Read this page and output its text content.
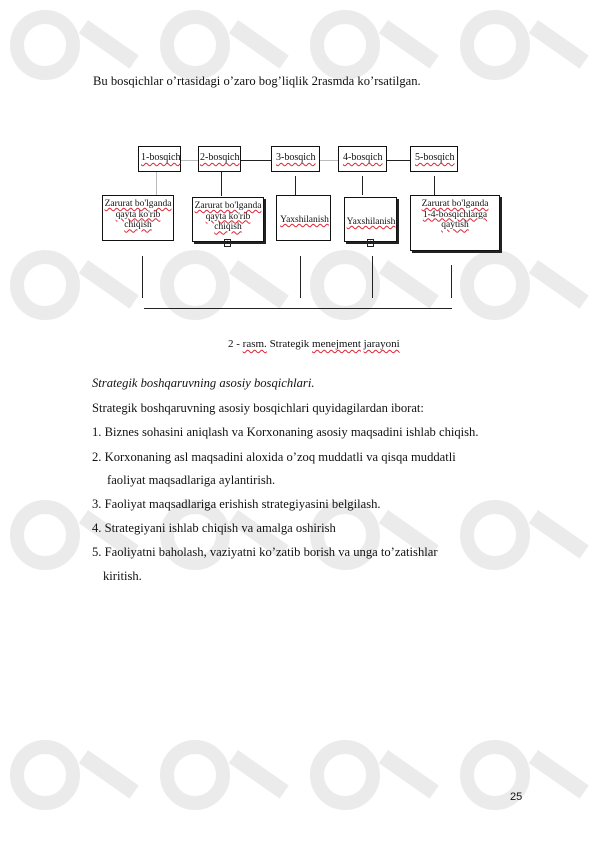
Bu bosqichlar o’rtasidagi o’zaro bog’liqlik 2rasmda ko’rsatilgan.
1-bosqich 2-bosqich	3-bosqich	4-bosqich	5-bosqich
Zarurat bo'lganda
qayta ko'rib
chiqish
Zarurat bo'lganda
qayta ko'rib
chiqish
+
Yaxshilanish	Yaxshilanish
+
Zarurat bo'lganda
1-4-bosqichlarga qaytish
2 - rasm. Strategik menejment jarayoni
Strategik boshqaruvning asosiy bosqichlari.
Strategik boshqaruvning asosiy bosqichlari quyidagilardan iborat:
1. Biznes sohasini aniqlash va Korxonaning asosiy maqsadini ishlab chiqish.
2. Korxonaning asl maqsadini aloxida o’zoq muddatli va qisqa muddatli
faoliyat maqsadlariga aylantirish.
3. Faoliyat maqsadlariga erishish strategiyasini belgilash.
4. Strategiyani ishlab chiqish va amalga oshirish
5. Faoliyatni baholash, vaziyatni ko’zatib borish va unga to’zatishlar
kiritish.
25
